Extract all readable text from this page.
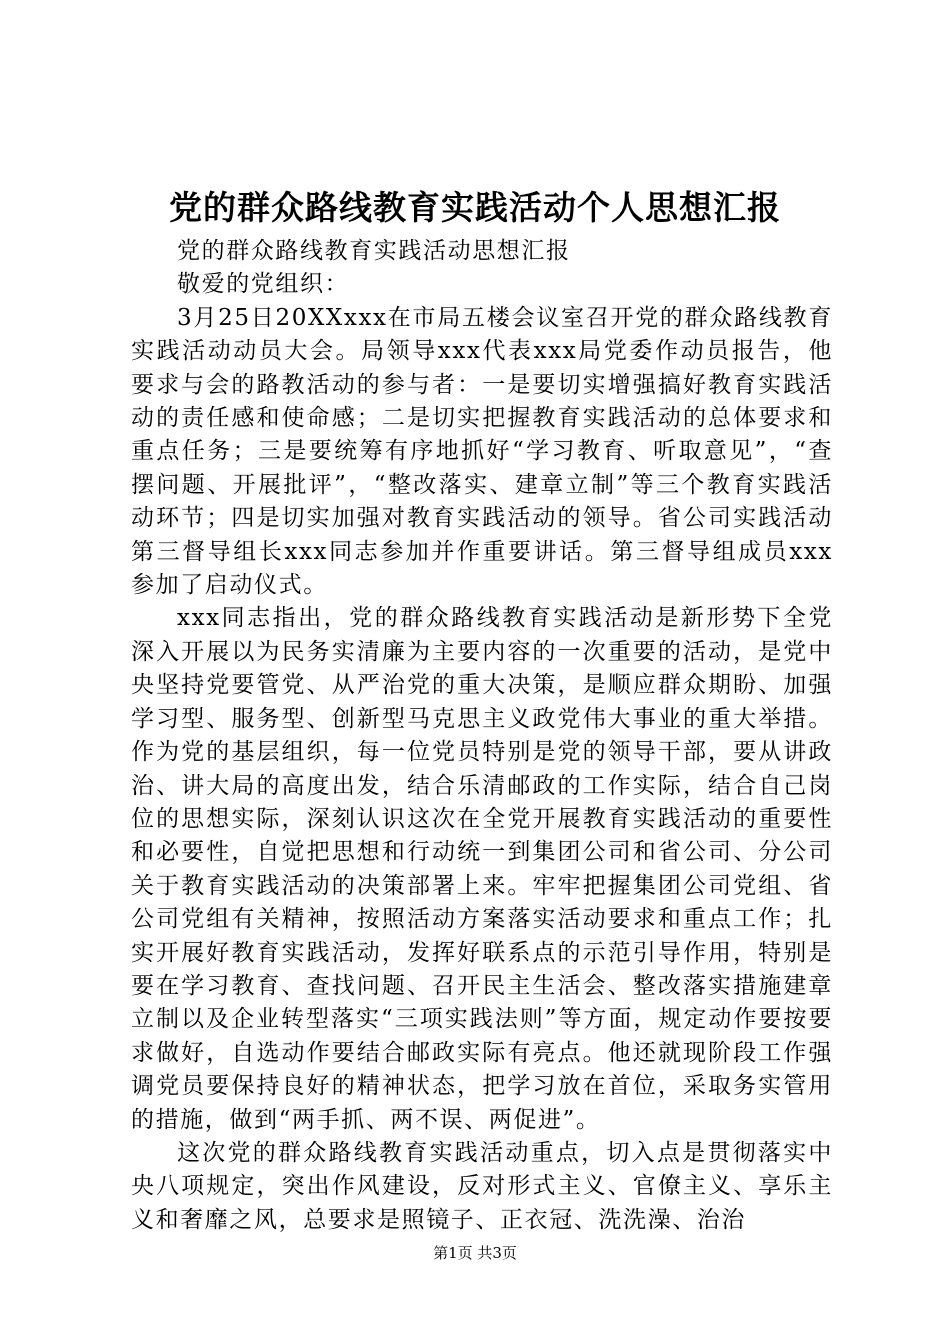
党的群众路线教育实践活动个人思想汇报

党的群众路线教育实践活动思想汇报

敬爱的党组织：

3月25日20XXxxx在市局五楼会议室召开党的群众路线教育实践活动动员大会。局领导xxx代表xxx局党委作动员报告，他要求与会的路教活动的参与者：一是要切实增强搞好教育实践活动的责任感和使命感；二是切实把握教育实践活动的总体要求和重点任务；三是要统筹有序地抓好“学习教育、听取意见”，“查摆问题、开展批评”，“整改落实、建章立制”等三个教育实践活动环节；四是切实加强对教育实践活动的领导。省公司实践活动第三督导组长xxx同志参加并作重要讲话。第三督导组成员xxx参加了启动仪式。

xxx同志指出，党的群众路线教育实践活动是新形势下全党深入开展以为民务实清廉为主要内容的一次重要的活动，是党中央坚持党要管党、从严治党的重大决策，是顺应群众期盼、加强学习型、服务型、创新型马克思主义政党伟大事业的重大举措。作为党的基层组织，每一位党员特别是党的领导干部，要从讲政治、讲大局的高度出发，结合乐清邮政的工作实际，结合自己岗位的思想实际，深刻认识这次在全党开展教育实践活动的重要性和必要性，自觉把思想和行动统一到集团公司和省公司、分公司关于教育实践活动的决策部署上来。牢牢把握集团公司党组、省公司党组有关精神，按照活动方案落实活动要求和重点工作；扎实开展好教育实践活动，发挥好联系点的示范引导作用，特别是要在学习教育、查找问题、召开民主生活会、整改落实措施建章立制以及企业转型落实“三项实践法则”等方面，规定动作要按要求做好，自选动作要结合邮政实际有亮点。他还就现阶段工作强调党员要保持良好的精神状态，把学习放在首位，采取务实管用的措施，做到“两手抓、两不误、两促进”。

这次党的群众路线教育实践活动重点，切入点是贯彻落实中央八项规定，突出作风建设，反对形式主义、官僚主义、享乐主义和奢靡之风，总要求是照镜子、正衣冠、洗洗澡、治治

第1页 共3页
